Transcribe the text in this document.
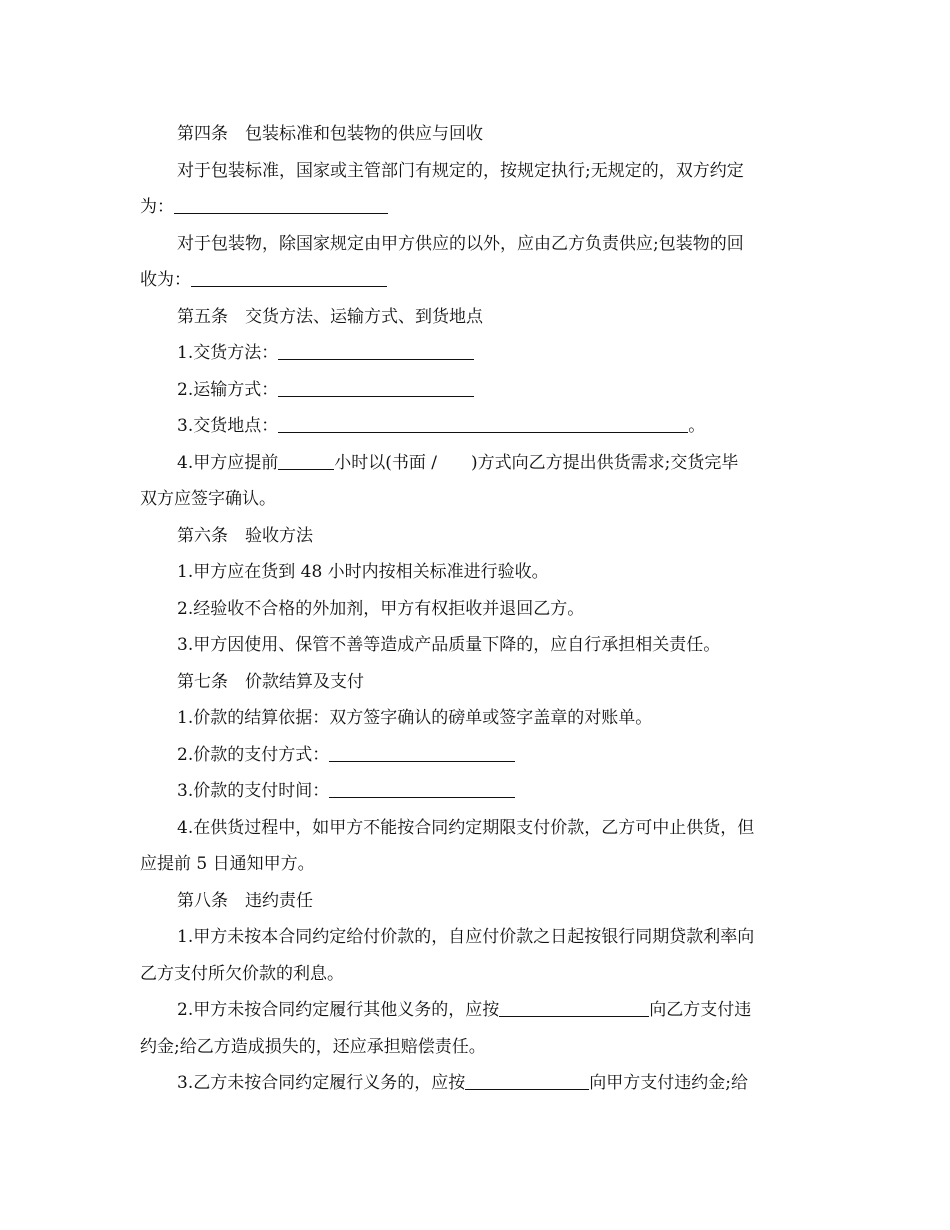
第四条　包装标准和包装物的供应与回收

对于包装标准，国家或主管部门有规定的，按规定执行;无规定的，双方约定

为：

对于包装物，除国家规定由甲方供应的以外，应由乙方负责供应;包装物的回

收为：

第五条　交货方法、运输方式、到货地点

1.交货方法：

2.运输方式：

3.交货地点：	。

4.甲方应提前	小时以(书面 /　　)方式向乙方提出供货需求;交货完毕

双方应签字确认。

第六条　验收方法

1.甲方应在货到 48 小时内按相关标准进行验收。

2.经验收不合格的外加剂，甲方有权拒收并退回乙方。

3.甲方因使用、保管不善等造成产品质量下降的，应自行承担相关责任。

第七条　价款结算及支付

1.价款的结算依据：双方签字确认的磅单或签字盖章的对账单。

2.价款的支付方式：

3.价款的支付时间：

4.在供货过程中，如甲方不能按合同约定期限支付价款，乙方可中止供货，但

应提前 5 日通知甲方。

第八条　违约责任

1.甲方未按本合同约定给付价款的，自应付价款之日起按银行同期贷款利率向

乙方支付所欠价款的利息。

2.甲方未按合同约定履行其他义务的，应按	向乙方支付违

约金;给乙方造成损失的，还应承担赔偿责任。

3.乙方未按合同约定履行义务的，应按	向甲方支付违约金;给
